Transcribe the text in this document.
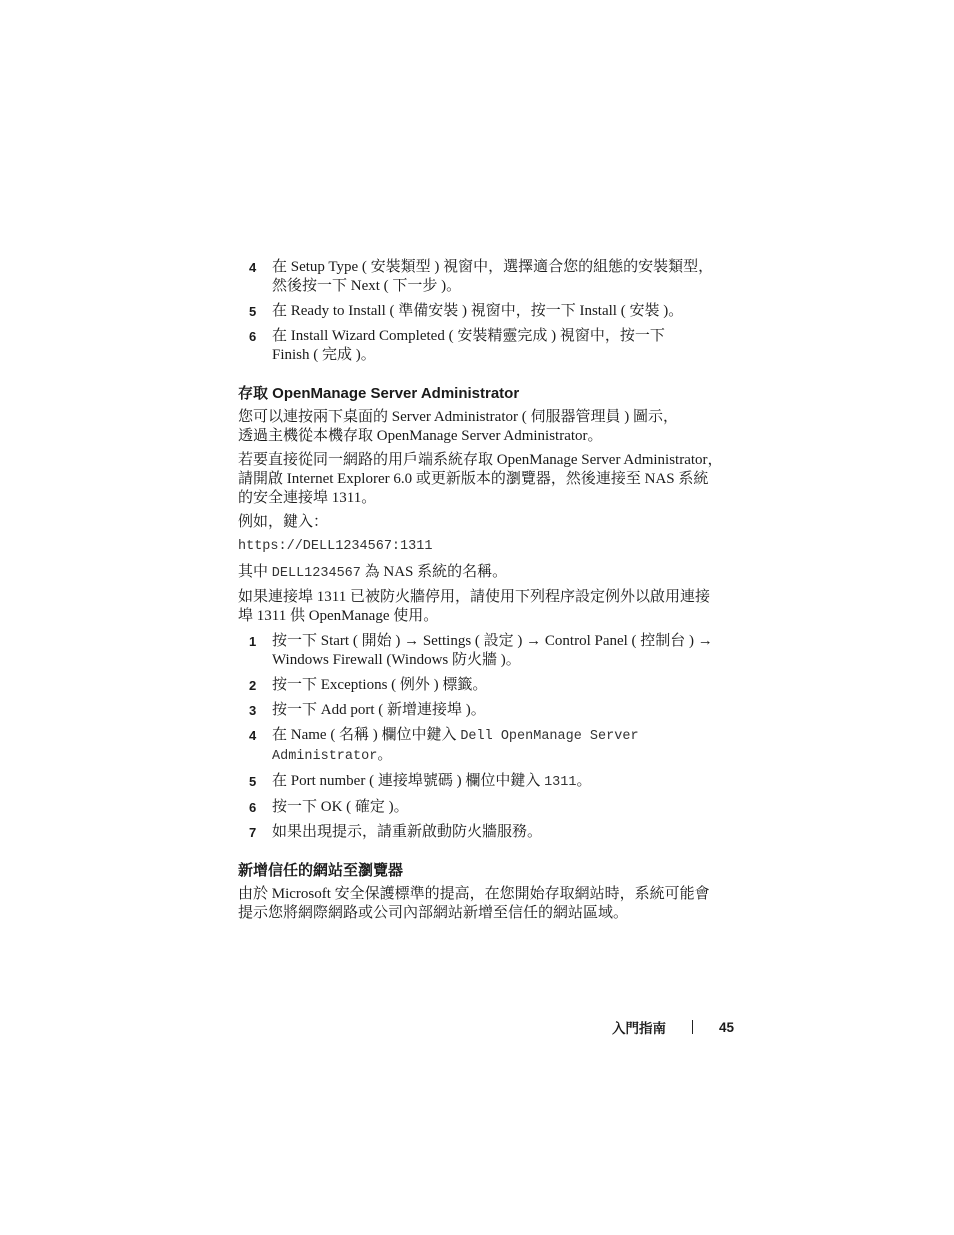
4 在 Setup Type ( 安裝類型 ) 視窗中，選擇適合您的組態的安裝類型，
然後按一下 Next ( 下一步 )。
5 在 Ready to Install ( 準備安裝 ) 視窗中，按一下 Install ( 安裝 )。
6 在 Install Wizard Completed ( 安裝精靈完成 ) 視窗中，按一下
Finish ( 完成 )。
存取 OpenManage Server Administrator
您可以連按兩下桌面的 Server Administrator ( 伺服器管理員 ) 圖示，
透過主機從本機存取 OpenManage Server Administrator。
若要直接從同一網路的用戶端系統存取 OpenManage Server Administrator，
請開啟 Internet Explorer 6.0 或更新版本的瀏覽器，然後連接至 NAS 系統
的安全連接埠 1311。
例如，鍵入：
https://DELL1234567:1311
其中 DELL1234567 為 NAS 系統的名稱。
如果連接埠 1311 已被防火牆停用，請使用下列程序設定例外以啟用連接
埠 1311 供 OpenManage 使用。
1 按一下 Start ( 開始 ) → Settings ( 設定 ) → Control Panel ( 控制台 ) →
Windows Firewall (Windows 防火牆 )。
2 按一下 Exceptions ( 例外 ) 標籤。
3 按一下 Add port ( 新增連接埠 )。
4 在 Name ( 名稱 ) 欄位中鍵入 Dell OpenManage Server
Administrator。
5 在 Port number ( 連接埠號碼 ) 欄位中鍵入 1311。
6 按一下 OK ( 確定 )。
7 如果出現提示，請重新啟動防火牆服務。
新增信任的網站至瀏覽器
由於 Microsoft 安全保護標準的提高，在您開始存取網站時，系統可能會
提示您將網際網路或公司內部網站新增至信任的網站區域。
入門指南	45
